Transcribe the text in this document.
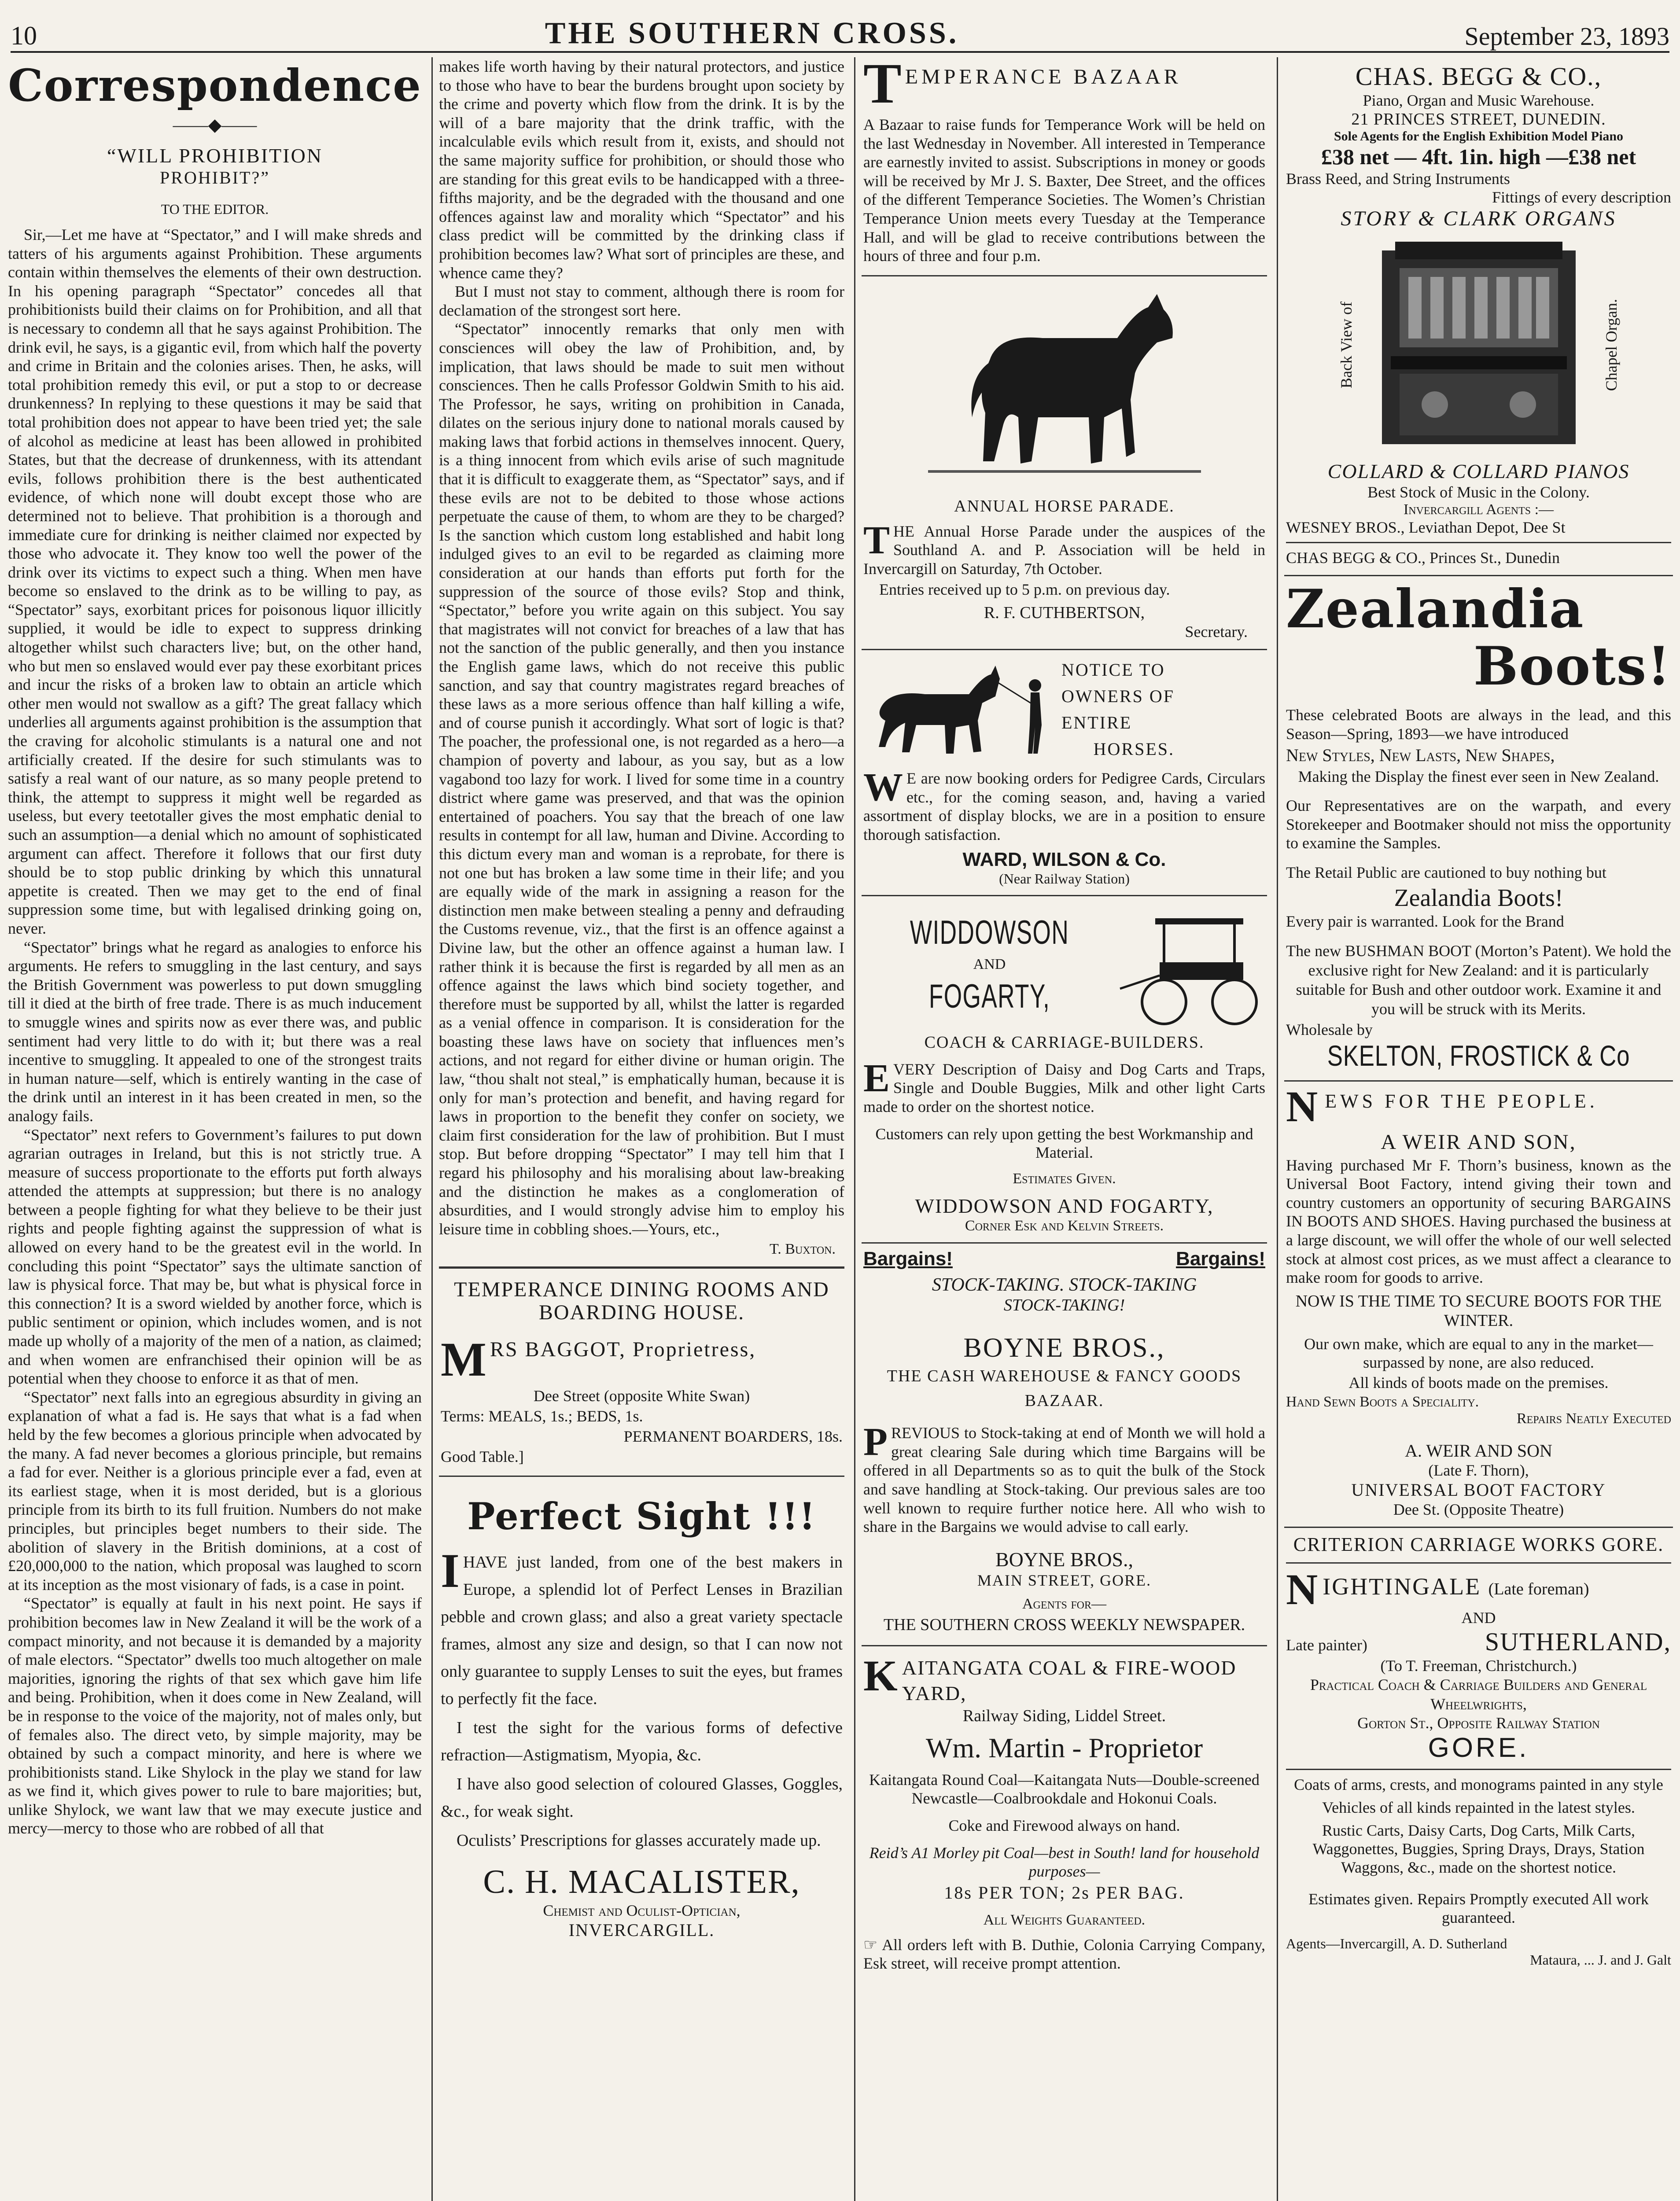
10	THE SOUTHERN CROSS.	September 23, 1893
Correspondence
——◆——
“WILL PROHIBITION
PROHIBIT?”
TO THE EDITOR.

Sir,—Let me have at “Spectator,” and I will make shreds and tatters of his arguments against Prohibition. These arguments contain within themselves the elements of their own destruction. In his opening paragraph “Spectator” concedes all that prohibitionists build their claims on for Prohibition, and all that is necessary to condemn all that he says against Prohibition. The drink evil, he says, is a gigantic evil, from which half the poverty and crime in Britain and the colonies arises. Then, he asks, will total prohibition remedy this evil, or put a stop to or decrease drunkenness? In replying to these questions it may be said that total prohibition does not appear to have been tried yet; the sale of alcohol as medicine at least has been allowed in prohibited States, but that the decrease of drunkenness, with its attendant evils, follows prohibition there is the best authenticated evidence, of which none will doubt except those who are determined not to believe. That prohibition is a thorough and immediate cure for drinking is neither claimed nor expected by those who advocate it. They know too well the power of the drink over its victims to expect such a thing. When men have become so enslaved to the drink as to be willing to pay, as “Spectator” says, exorbitant prices for poisonous liquor illicitly supplied, it would be idle to expect to suppress drinking altogether whilst such characters live; but, on the other hand, who but men so enslaved would ever pay these exorbitant prices and incur the risks of a broken law to obtain an article which other men would not swallow as a gift? The great fallacy which underlies all arguments against prohibition is the assumption that the craving for alcoholic stimulants is a natural one and not artificially created. If the desire for such stimulants was to satisfy a real want of our nature, as so many people pretend to think, the attempt to suppress it might well be regarded as useless, but every teetotaller gives the most emphatic denial to such an assumption—a denial which no amount of sophisticated argument can affect. Therefore it follows that our first duty should be to stop public drinking by which this unnatural appetite is created. Then we may get to the end of final suppression some time, but with legalised drinking going on, never.

“Spectator” brings what he regard as analogies to enforce his arguments. He refers to smuggling in the last century, and says the British Government was powerless to put down smuggling till it died at the birth of free trade. There is as much inducement to smuggle wines and spirits now as ever there was, and public sentiment had very little to do with it; but there was a real incentive to smuggling. It appealed to one of the strongest traits in human nature—self, which is entirely wanting in the case of the drink until an interest in it has been created in men, so the analogy fails.

“Spectator” next refers to Government’s failures to put down agrarian outrages in Ireland, but this is not strictly true. A measure of success proportionate to the efforts put forth always attended the attempts at suppression; but there is no analogy between a people fighting for what they believe to be their just rights and people fighting against the suppression of what is allowed on every hand to be the greatest evil in the world. In concluding this point “Spectator” says the ultimate sanction of law is physical force. That may be, but what is physical force in this connection? It is a sword wielded by another force, which is public sentiment or opinion, which includes women, and is not made up wholly of a majority of the men of a nation, as claimed; and when women are enfranchised their opinion will be as potential when they choose to enforce it as that of men.

“Spectator” next falls into an egregious absurdity in giving an explanation of what a fad is. He says that what is a fad when held by the few becomes a glorious principle when advocated by the many. A fad never becomes a glorious principle, but remains a fad for ever. Neither is a glorious principle ever a fad, even at its earliest stage, when it is most derided, but is a glorious principle from its birth to its full fruition. Numbers do not make principles, but principles beget numbers to their side. The abolition of slavery in the British dominions, at a cost of £20,000,000 to the nation, which proposal was laughed to scorn at its inception as the most visionary of fads, is a case in point.

“Spectator” is equally at fault in his next point. He says if prohibition becomes law in New Zealand it will be the work of a compact minority, and not because it is demanded by a majority of male electors. “Spectator” dwells too much altogether on male majorities, ignoring the rights of that sex which gave him life and being. Prohibition, when it does come in New Zealand, will be in response to the voice of the majority, not of males only, but of females also. The direct veto, by simple majority, may be obtained by such a compact minority, and here is where we prohibitionists stand. Like Shylock in the play we stand for law as we find it, which gives power to rule to bare majorities; but, unlike Shylock, we want law that we may execute justice and mercy—mercy to those who are robbed of all that

makes life worth having by their natural protectors, and justice to those who have to bear the burdens brought upon society by the crime and poverty which flow from the drink. It is by the will of a bare majority that the drink traffic, with the incalculable evils which result from it, exists, and should not the same majority suffice for prohibition, or should those who are standing for this great evils to be handicapped with a three-fifths majority, and be the degraded with the thousand and one offences against law and morality which “Spectator” and his class predict will be committed by the drinking class if prohibition becomes law? What sort of principles are these, and whence came they?

But I must not stay to comment, although there is room for declamation of the strongest sort here.

“Spectator” innocently remarks that only men with consciences will obey the law of Prohibition, and, by implication, that laws should be made to suit men without consciences. Then he calls Professor Goldwin Smith to his aid. The Professor, he says, writing on prohibition in Canada, dilates on the serious injury done to national morals caused by making laws that forbid actions in themselves innocent. Query, is a thing innocent from which evils arise of such magnitude that it is difficult to exaggerate them, as “Spectator” says, and if these evils are not to be debited to those whose actions perpetuate the cause of them, to whom are they to be charged? Is the sanction which custom long established and habit long indulged gives to an evil to be regarded as claiming more consideration at our hands than efforts put forth for the suppression of the source of those evils? Stop and think, “Spectator,” before you write again on this subject. You say that magistrates will not convict for breaches of a law that has not the sanction of the public generally, and then you instance the English game laws, which do not receive this public sanction, and say that country magistrates regard breaches of these laws as a more serious offence than half killing a wife, and of course punish it accordingly. What sort of logic is that? The poacher, the professional one, is not regarded as a hero—a champion of poverty and labour, as you say, but as a low vagabond too lazy for work. I lived for some time in a country district where game was preserved, and that was the opinion entertained of poachers. You say that the breach of one law results in contempt for all law, human and Divine. According to this dictum every man and woman is a reprobate, for there is not one but has broken a law some time in their life; and you are equally wide of the mark in assigning a reason for the distinction men make between stealing a penny and defrauding the Customs revenue, viz., that the first is an offence against a Divine law, but the other an offence against a human law. I rather think it is because the first is regarded by all men as an offence against the laws which bind society together, and therefore must be supported by all, whilst the latter is regarded as a venial offence in comparison. It is consideration for the boasting these laws have on society that influences men’s actions, and not regard for either divine or human origin. The law, “thou shalt not steal,” is emphatically human, because it is only for man’s protection and benefit, and having regard for laws in proportion to the benefit they confer on society, we claim first consideration for the law of prohibition. But I must stop. But before dropping “Spectator” I may tell him that I regard his philosophy and his moralising about law-breaking and the distinction he makes as a conglomeration of absurdities, and I would strongly advise him to employ his leisure time in cobbling shoes.—Yours, etc.,

T. Buxton.
TEMPERANCE DINING ROOMS AND BOARDING HOUSE.
M RS BAGGOT, Proprietress,

Dee Street (opposite White Swan)

Terms: MEALS, 1s.; BEDS, 1s.

PERMANENT BOARDERS, 18s.

Good Table.]

Perfect Sight !!!

IHAVE just landed, from one of the best makers in Europe, a splendid lot of Perfect Lenses in Brazilian pebble and crown glass; and also a great variety spectacle frames, almost any size and design, so that I can now not only guarantee to supply Lenses to suit the eyes, but frames to perfectly fit the face.

I test the sight for the various forms of defective refraction—Astigmatism, Myopia, &c.

I have also good selection of coloured Glasses, Goggles, &c., for weak sight.

Oculists’ Prescriptions for glasses accurately made up.

C. H. MACALISTER,
Chemist and Oculist-Optician,
INVERCARGILL.
T EMPERANCE BAZAAR

A Bazaar to raise funds for Temperance Work will be held on the last Wednesday in November. All interested in Temperance are earnestly invited to assist. Subscriptions in money or goods will be received by Mr J. S. Baxter, Dee Street, and the offices of the different Temperance Societies. The Women’s Christian Temperance Union meets every Tuesday at the Temperance Hall, and will be glad to receive contributions between the hours of three and four p.m.

ANNUAL HORSE PARADE.

THE Annual Horse Parade under the auspices of the Southland A. and P. Association will be held in Invercargill on Saturday, 7th October.

Entries received up to 5 p.m. on previous day.

R. F. CUTHBERTSON,
Secretary.
NOTICE TO
OWNERS OF
ENTIRE
HORSES.

W E are now booking orders for Pedigree Cards, Circulars etc., for the coming season, and, having a varied assortment of display blocks, we are in a position to ensure thorough satisfaction.

WARD, WILSON & Co.
(Near Railway Station)
WIDDOWSON
AND
FOGARTY,
COACH & CARRIAGE-BUILDERS.

EVERY Description of Daisy and Dog Carts and Traps, Single and Double Buggies, Milk and other light Carts made to order on the shortest notice.

Customers can rely upon getting the best Workmanship and Material.

Estimates Given.

WIDDOWSON AND FOGARTY,
Corner Esk and Kelvin Streets.
Bargains!	Bargains!
STOCK-TAKING. STOCK-TAKING
STOCK-TAKING!
BOYNE BROS.,
THE CASH WAREHOUSE & FANCY GOODS BAZAAR.

PREVIOUS to Stock-taking at end of Month we will hold a great clearing Sale during which time Bargains will be offered in all Departments so as to quit the bulk of the Stock and save handling at Stock-taking. Our previous sales are too well known to require further notice here. All who wish to share in the Bargains we would advise to call early.

BOYNE BROS.,
MAIN STREET, GORE.
Agents for—
THE SOUTHERN CROSS WEEKLY NEWSPAPER.
K AITANGATA COAL & FIRE-WOOD YARD,
Railway Siding, Liddel Street.
Wm. Martin - Proprietor

Kaitangata Round Coal—Kaitangata Nuts—Double-screened Newcastle—Coalbrookdale and Hokonui Coals.

Coke and Firewood always on hand.

Reid’s A1 Morley pit Coal—best in South! land for household purposes—

18s PER TON; 2s PER BAG.

All Weights Guaranteed.

☞ All orders left with B. Duthie, Colonia Carrying Company, Esk street, will receive prompt attention.

CHAS. BEGG & CO.,
Piano, Organ and Music Warehouse.
21 PRINCES STREET, DUNEDIN.
Sole Agents for the English Exhibition Model Piano
£38 net — 4ft. 1in. high —£38 net
Brass Reed, and String Instruments
Fittings of every description
STORY & CLARK ORGANS
Back View of	Chapel Organ.
COLLARD & COLLARD PIANOS
Best Stock of Music in the Colony.
Invercargill Agents :—
WESNEY BROS., Leviathan Depot, Dee St
CHAS BEGG & CO., Princes St., Dunedin
Zealandia
Boots!

These celebrated Boots are always in the lead, and this Season—Spring, 1893—we have introduced

New Styles, New Lasts, New Shapes,

Making the Display the finest ever seen in New Zealand.

Our Representatives are on the warpath, and every Storekeeper and Bootmaker should not miss the opportunity to examine the Samples.

The Retail Public are cautioned to buy nothing but

Zealandia Boots!
Every pair is warranted. Look for the Brand

The new BUSHMAN BOOT (Morton’s Patent). We hold the exclusive right for New Zealand: and it is particularly suitable for Bush and other outdoor work. Examine it and you will be struck with its Merits.

Wholesale by
SKELTON, FROSTICK & Co
N EWS FOR THE PEOPLE.
A WEIR AND SON,

Having purchased Mr F. Thorn’s business, known as the Universal Boot Factory, intend giving their town and country customers an opportunity of securing BARGAINS IN BOOTS AND SHOES. Having purchased the business at a large discount, we will offer the whole of our well selected stock at almost cost prices, as we must affect a clearance to make room for goods to arrive.

NOW IS THE TIME TO SECURE BOOTS FOR THE WINTER.

Our own make, which are equal to any in the market—surpassed by none, are also reduced.

All kinds of boots made on the premises.

Hand Sewn Boots a Speciality.
Repairs Neatly Executed
A. WEIR AND SON
(Late F. Thorn),
UNIVERSAL BOOT FACTORY
Dee St. (Opposite Theatre)
CRITERION CARRIAGE WORKS GORE.
N IGHTINGALE (Late foreman)
AND
Late painter)	SUTHERLAND,
(To T. Freeman, Christchurch.)
Practical Coach & Carriage Builders and General Wheelwrights,
Gorton St., Opposite Railway Station
GORE.

Coats of arms, crests, and monograms painted in any style

Vehicles of all kinds repainted in the latest styles.

Rustic Carts, Daisy Carts, Dog Carts, Milk Carts, Waggonettes, Buggies, Spring Drays, Drays, Station Waggons, &c., made on the shortest notice.

Estimates given. Repairs Promptly executed All work guaranteed.

Agents—Invercargill, A. D. Sutherland
Mataura, ... J. and J. Galt
